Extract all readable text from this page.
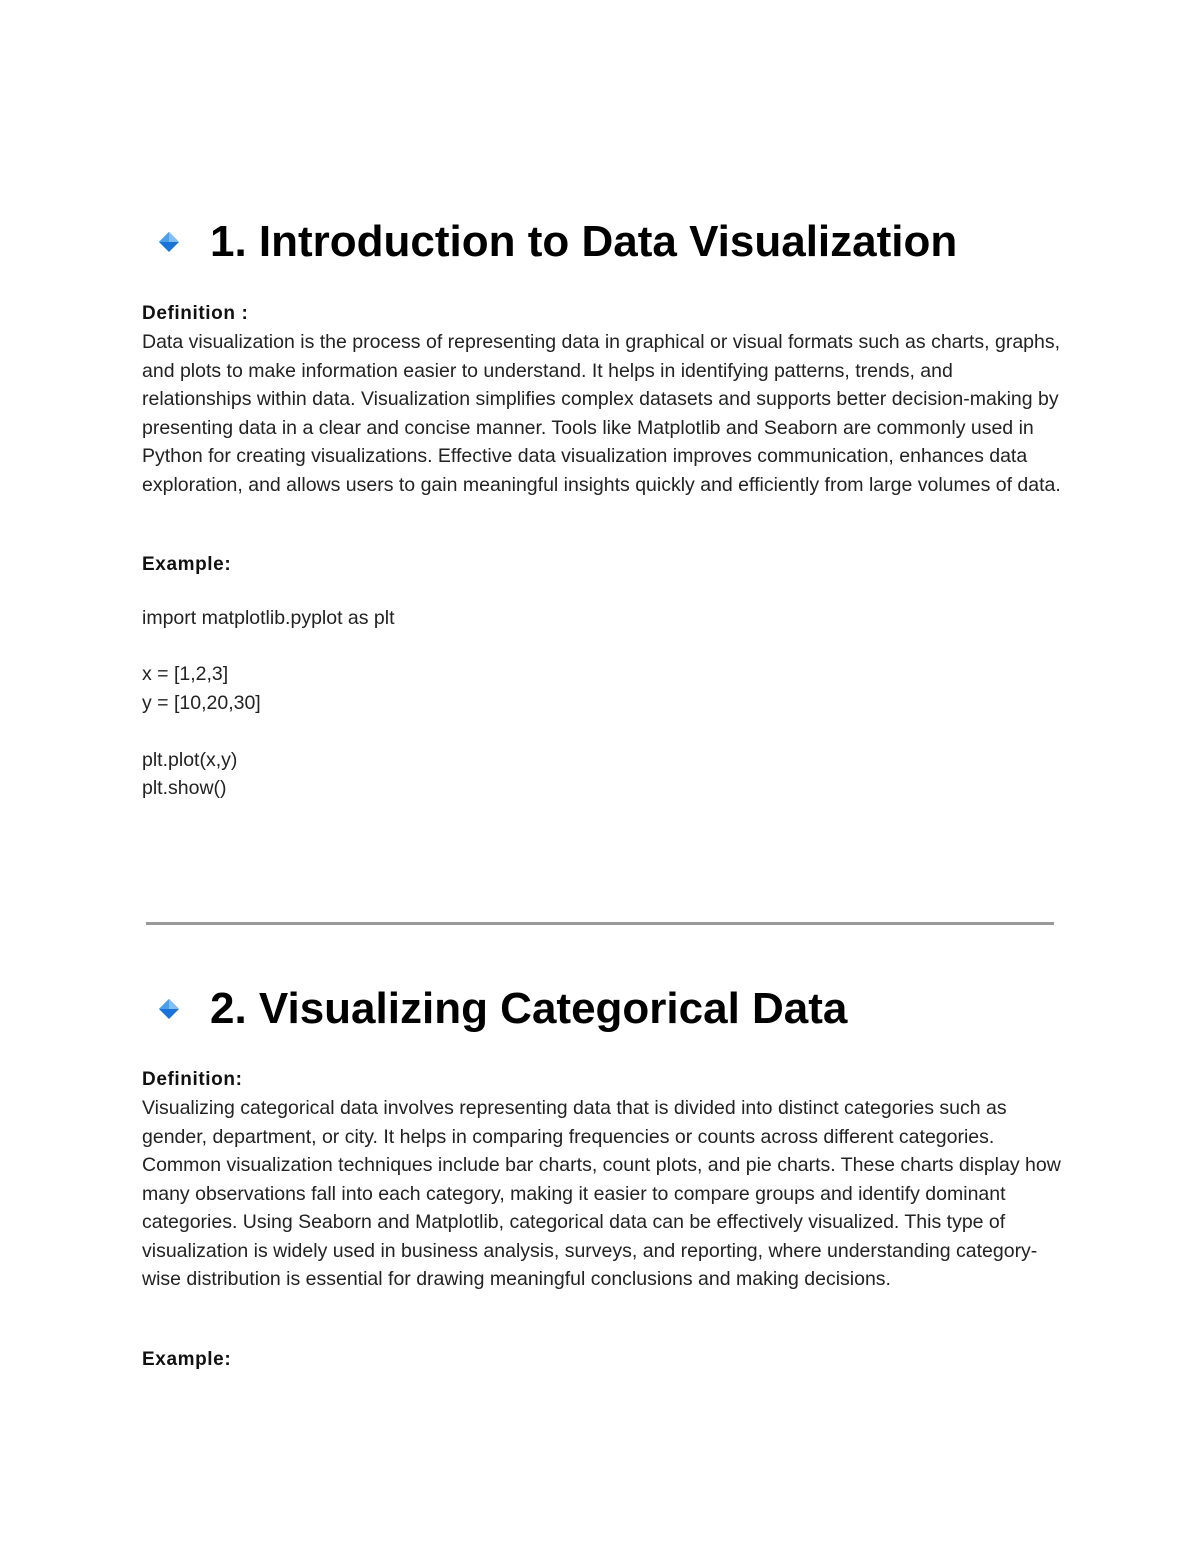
1. Introduction to Data Visualization
Definition :
Data visualization is the process of representing data in graphical or visual formats such as charts, graphs, and plots to make information easier to understand. It helps in identifying patterns, trends, and relationships within data. Visualization simplifies complex datasets and supports better decision-making by presenting data in a clear and concise manner. Tools like Matplotlib and Seaborn are commonly used in Python for creating visualizations. Effective data visualization improves communication, enhances data exploration, and allows users to gain meaningful insights quickly and efficiently from large volumes of data.
Example:
import matplotlib.pyplot as plt
x = [1,2,3]
y = [10,20,30]
plt.plot(x,y)
plt.show()
2. Visualizing Categorical Data
Definition:
Visualizing categorical data involves representing data that is divided into distinct categories such as gender, department, or city. It helps in comparing frequencies or counts across different categories. Common visualization techniques include bar charts, count plots, and pie charts. These charts display how many observations fall into each category, making it easier to compare groups and identify dominant categories. Using Seaborn and Matplotlib, categorical data can be effectively visualized. This type of visualization is widely used in business analysis, surveys, and reporting, where understanding category-wise distribution is essential for drawing meaningful conclusions and making decisions.
Example:
